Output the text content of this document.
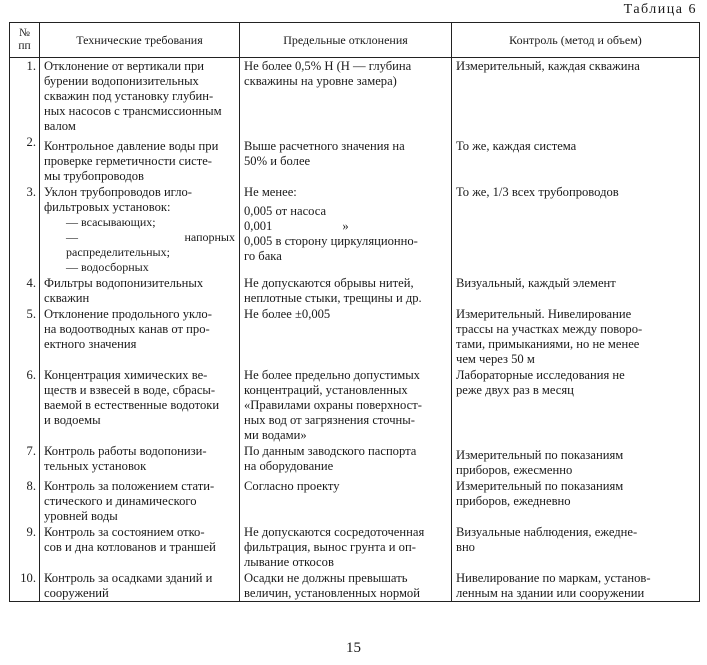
Таблица 6
№
пп	Технические требования	Предельные отклонения	Контроль (метод и объем)
1.	Отклонение от вертикали при
бурении водопонизительных
скважин под установку глубин-
ных насосов с трансмиссионным
валом	Не более 0,5% Н (Н — глубина
скважины на уровне замера)	Измерительный, каждая скважина

2.	Контрольное давление воды при
проверке герметичности систе-
мы трубопроводов	Выше расчетного значения на
50% и более	То же, каждая система

3.	Уклон трубопроводов игло-
фильтровых установок:
— всасывающих;
— напорных распределительных;
— водосборных	Не менее:
0,005 от насоса
0,001 »
0,005 в сторону циркуляционно-
го бака	То же, 1/3 всех трубопроводов

4.	Фильтры водопонизительных
скважин	Не допускаются обрывы нитей,
неплотные стыки, трещины и др.	Визуальный, каждый элемент

5.	Отклонение продольного укло-
на водоотводных канав от про-
ектного значения	Не более ±0,005	Измерительный. Нивелирование
трассы на участках между поворо-
тами, примыканиями, но не менее
чем через 50 м

6.	Концентрация химических ве-
ществ и взвесей в воде, сбрасы-
ваемой в естественные водотоки
и водоемы	Не более предельно допустимых
концентраций, установленных
«Правилами охраны поверхност-
ных вод от загрязнения сточны-
ми водами»	Лабораторные исследования не
реже двух раз в месяц

7.	Контроль работы водопонизи-
тельных установок	По данным заводского паспорта
на оборудование	Измерительный по показаниям
приборов, ежесменно

8.	Контроль за положением стати-
стического и динамического
уровней воды	Согласно проекту	Измерительный по показаниям
приборов, ежедневно

9.	Контроль за состоянием отко-
сов и дна котлованов и траншей	Не допускаются сосредоточенная
фильтрация, вынос грунта и оп-
лывание откосов	Визуальные наблюдения, ежедне-
вно

10.	Контроль за осадками зданий и
сооружений	Осадки не должны превышать
величин, установленных нормой	Нивелирование по маркам, установ-
ленным на здании или сооружении
15
